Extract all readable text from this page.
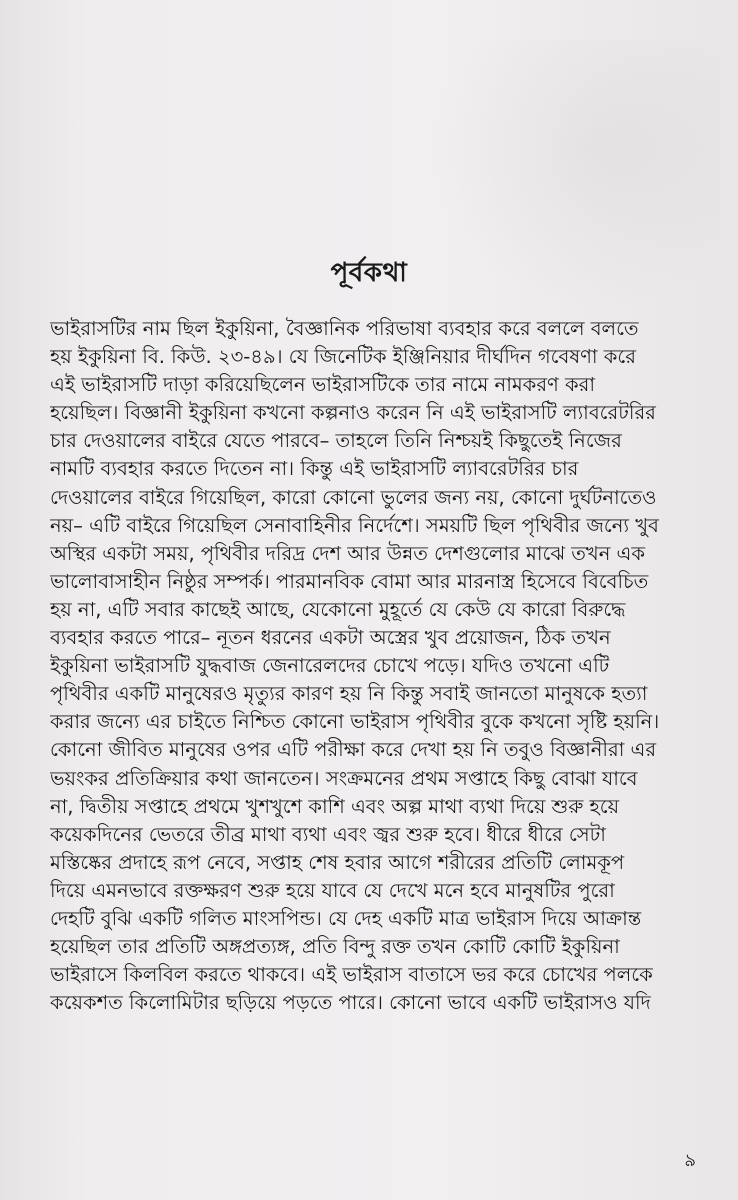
পূর্বকথা
ভাইরাসটির নাম ছিল ইকুয়িনা, বৈজ্ঞানিক পরিভাষা ব্যবহার করে বললে বলতে
হয় ইকুয়িনা বি. কিউ. ২৩-৪৯। যে জিনেটিক ইঞ্জিনিয়ার দীর্ঘদিন গবেষণা করে
এই ভাইরাসটি দাড়া করিয়েছিলেন ভাইরাসটিকে তার নামে নামকরণ করা
হয়েছিল। বিজ্ঞানী ইকুয়িনা কখনো কল্পনাও করেন নি এই ভাইরাসটি ল্যাবরেটরির
চার দেওয়ালের বাইরে যেতে পারবে– তাহলে তিনি নিশ্চয়ই কিছুতেই নিজের
নামটি ব্যবহার করতে দিতেন না। কিন্তু এই ভাইরাসটি ল্যাবরেটরির চার
দেওয়ালের বাইরে গিয়েছিল, কারো কোনো ভুলের জন্য নয়, কোনো দুর্ঘটনাতেও
নয়– এটি বাইরে গিয়েছিল সেনাবাহিনীর নির্দেশে। সময়টি ছিল পৃথিবীর জন্যে খুব
অস্থির একটা সময়, পৃথিবীর দরিদ্র দেশ আর উন্নত দেশগুলোর মাঝে তখন এক
ভালোবাসাহীন নিষ্ঠুর সম্পর্ক। পারমানবিক বোমা আর মারনাস্ত্র হিসেবে বিবেচিত
হয় না, এটি সবার কাছেই আছে, যেকোনো মুহূর্তে যে কেউ যে কারো বিরুদ্ধে
ব্যবহার করতে পারে– নূতন ধরনের একটা অস্ত্রের খুব প্রয়োজন, ঠিক তখন
ইকুয়িনা ভাইরাসটি যুদ্ধবাজ জেনারেলদের চোখে পড়ে। যদিও তখনো এটি
পৃথিবীর একটি মানুষেরও মৃত্যুর কারণ হয় নি কিন্তু সবাই জানতো মানুষকে হত্যা
করার জন্যে এর চাইতে নিশ্চিত কোনো ভাইরাস পৃথিবীর বুকে কখনো সৃষ্টি হয়নি।
কোনো জীবিত মানুষের ওপর এটি পরীক্ষা করে দেখা হয় নি তবুও বিজ্ঞানীরা এর
ভয়ংকর প্রতিক্রিয়ার কথা জানতেন। সংক্রমনের প্রথম সপ্তাহে কিছু বোঝা যাবে
না, দ্বিতীয় সপ্তাহে প্রথমে খুশখুশে কাশি এবং অল্প মাথা ব্যথা দিয়ে শুরু হয়ে
কয়েকদিনের ভেতরে তীব্র মাথা ব্যথা এবং জ্বর শুরু হবে। ধীরে ধীরে সেটা
মস্তিষ্কের প্রদাহে রূপ নেবে, সপ্তাহ শেষ হবার আগে শরীরের প্রতিটি লোমকূপ
দিয়ে এমনভাবে রক্তক্ষরণ শুরু হয়ে যাবে যে দেখে মনে হবে মানুষটির পুরো
দেহটি বুঝি একটি গলিত মাংসপিন্ড। যে দেহ একটি মাত্র ভাইরাস দিয়ে আক্রান্ত
হয়েছিল তার প্রতিটি অঙ্গপ্রত্যঙ্গ, প্রতি বিন্দু রক্ত তখন কোটি কোটি ইকুয়িনা
ভাইরাসে কিলবিল করতে থাকবে। এই ভাইরাস বাতাসে ভর করে চোখের পলকে
কয়েকশত কিলোমিটার ছড়িয়ে পড়তে পারে। কোনো ভাবে একটি ভাইরাসও যদি
৯
